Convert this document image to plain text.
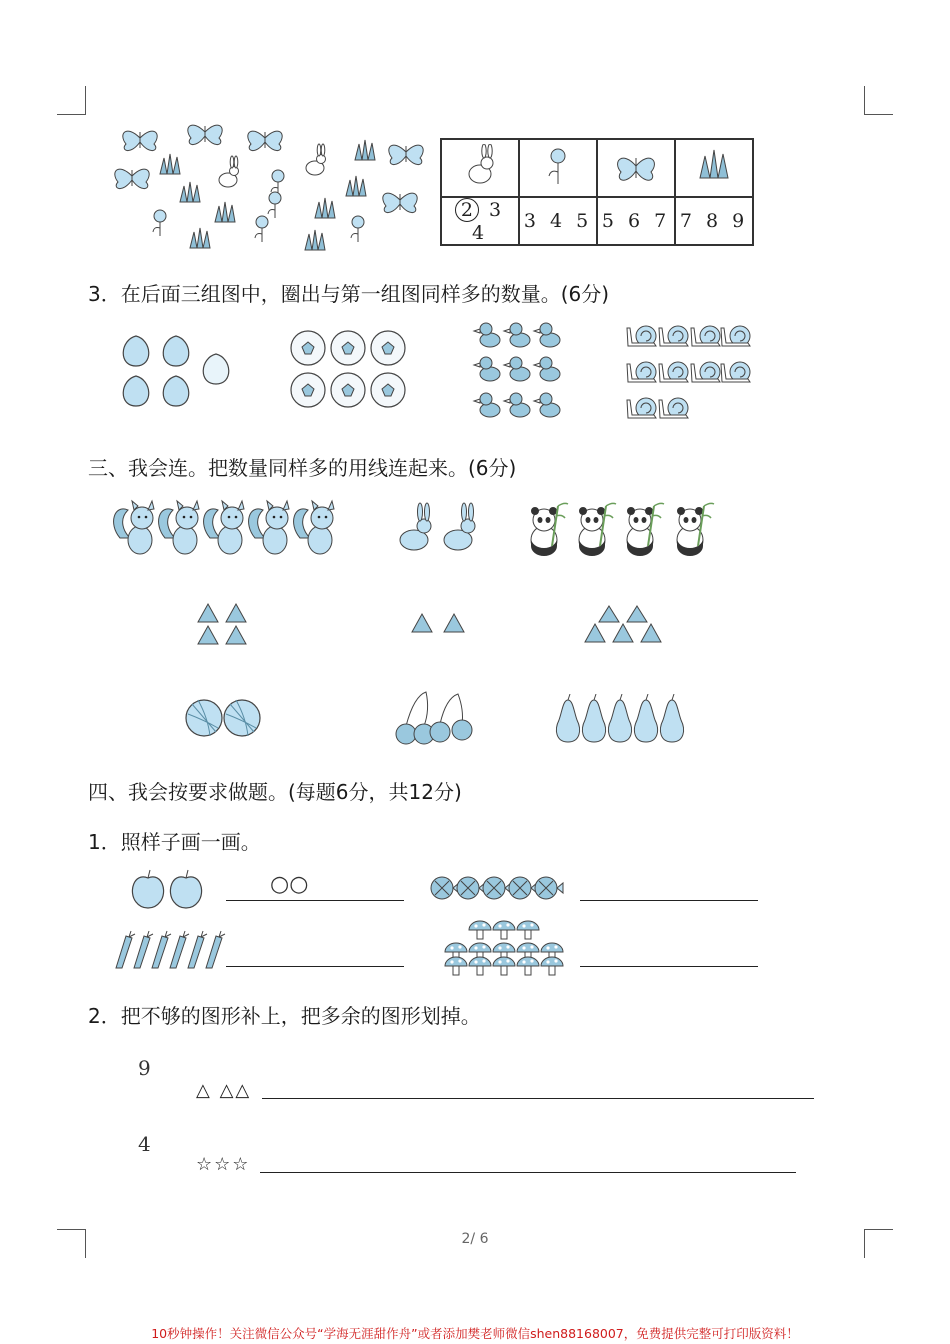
2 3 4	3 4 5	5 6 7	7 8 9
3．在后面三组图中，圈出与第一组图同样多的数量。(6分)
三、我会连。把数量同样多的用线连起来。(6分)
四、我会按要求做题。(每题6分，共12分)
1．照样子画一画。
○○
2．把不够的图形补上，把多余的图形划掉。
9
△ △△
4
☆☆☆
2/ 6
10秒钟操作！关注微信公众号“学海无涯甜作舟”或者添加樊老师微信shen88168007，免费提供完整可打印版资料！
